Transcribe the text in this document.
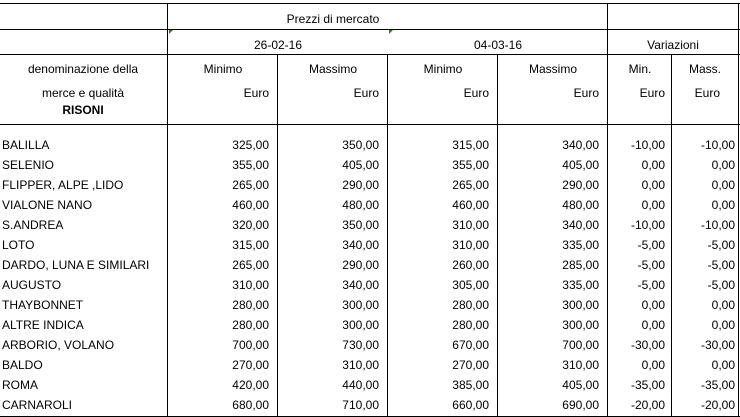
Prezzi di mercato
26-02-16	04-03-16	Variazioni
denominazione della	Minimo	Massimo	Minimo	Massimo	Min.	Mass.
merce e qualità	Euro	Euro	Euro	Euro	Euro	Euro
RISONI
BALILLA	325,00	350,00	315,00	340,00	-10,00	-10,00
SELENIO	355,00	405,00	355,00	405,00	0,00	0,00
FLIPPER, ALPE ,LIDO	265,00	290,00	265,00	290,00	0,00	0,00
VIALONE NANO	460,00	480,00	460,00	480,00	0,00	0,00
S.ANDREA	320,00	350,00	310,00	340,00	-10,00	-10,00
LOTO	315,00	340,00	310,00	335,00	-5,00	-5,00
DARDO, LUNA E SIMILARI	265,00	290,00	260,00	285,00	-5,00	-5,00
AUGUSTO	310,00	340,00	305,00	335,00	-5,00	-5,00
THAYBONNET	280,00	300,00	280,00	300,00	0,00	0,00
ALTRE INDICA	280,00	300,00	280,00	300,00	0,00	0,00
ARBORIO, VOLANO	700,00	730,00	670,00	700,00	-30,00	-30,00
BALDO	270,00	310,00	270,00	310,00	0,00	0,00
ROMA	420,00	440,00	385,00	405,00	-35,00	-35,00
CARNAROLI	680,00	710,00	660,00	690,00	-20,00	-20,00
